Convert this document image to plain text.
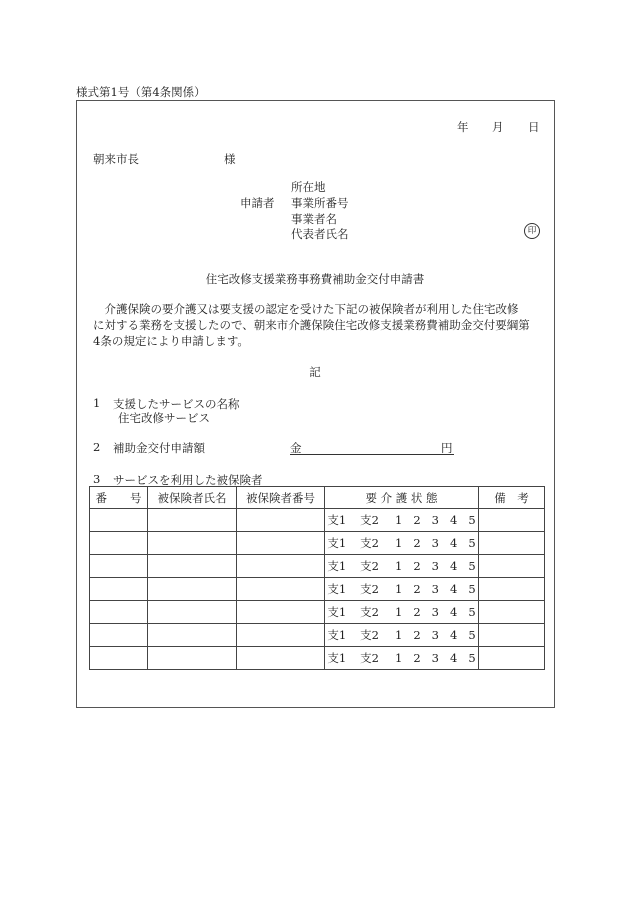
様式第1号（第4条関係）
年 月 日
朝来市長	様
申請者
所在地
事業所番号
事業者名
代表者氏名	印
住宅改修支援業務事務費補助金交付申請書
　介護保険の要介護又は要支援の認定を受けた下記の被保険者が利用した住宅改修
に対する業務を支援したので、朝来市介護保険住宅改修支援業務費補助金交付要綱第
4条の規定により申請します。
記
1 支援したサービスの名称
住宅改修サービス
2 補助金交付申請額	金	円
3 サービスを利用した被保険者
番　　号	被保険者氏名	被保険者番号	要 介 護 状 態	備　考
			支1 支2 1 2 3 4 5	
			支1 支2 1 2 3 4 5	
			支1 支2 1 2 3 4 5	
			支1 支2 1 2 3 4 5	
			支1 支2 1 2 3 4 5	
			支1 支2 1 2 3 4 5	
			支1 支2 1 2 3 4 5	
